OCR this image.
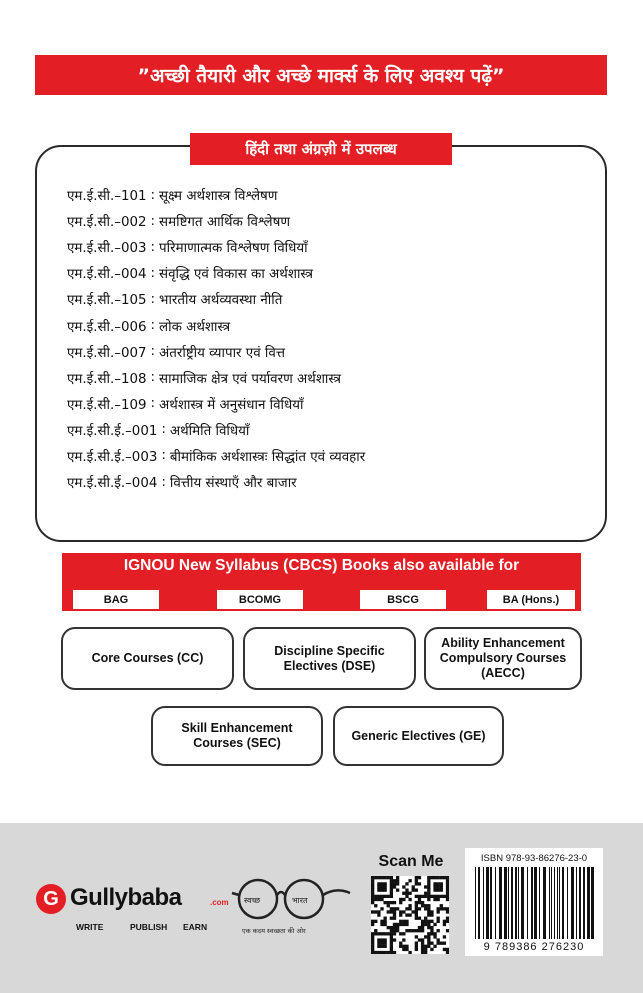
”अच्छी तैयारी और अच्छे मार्क्स के लिए अवश्य पढ़ें”
हिंदी तथा अंग्रज़ी में उपलब्ध
एम.ई.सी.–101 : सूक्ष्म अर्थशास्त्र विश्लेषण
एम.ई.सी.–002 : समष्टिगत आर्थिक विश्लेषण
एम.ई.सी.–003 : परिमाणात्मक विश्लेषण विधियाँ
एम.ई.सी.–004 : संवृद्धि एवं विकास का अर्थशास्त्र
एम.ई.सी.–105 : भारतीय अर्थव्यवस्था नीति
एम.ई.सी.–006 : लोक अर्थशास्त्र
एम.ई.सी.–007 : अंतर्राष्ट्रीय व्यापार एवं वित्त
एम.ई.सी.–108 : सामाजिक क्षेत्र एवं पर्यावरण अर्थशास्त्र
एम.ई.सी.–109 : अर्थशास्त्र में अनुसंधान विधियाँ
एम.ई.सी.ई.–001 : अर्थमिति विधियाँ
एम.ई.सी.ई.–003 : बीमांकिक अर्थशास्त्रः सिद्धांत एवं व्यवहार
एम.ई.सी.ई.–004 : वित्तीय संस्थाएँ और बाजार
IGNOU New Syllabus (CBCS) Books also available for
BAG	BCOMG	BSCG	BA (Hons.)
Core Courses (CC)
Discipline Specific Electives (DSE)
Ability Enhancement Compulsory Courses (AECC)
Skill Enhancement Courses (SEC)
Generic Electives (GE)
G Gullybaba	.com
WRITE	PUBLISH EARN
स्वच्छ	भारत
एक कदम स्वच्छता की ओर
Scan Me	ISBN 978-93-86276-23-0
9 789386 276230
